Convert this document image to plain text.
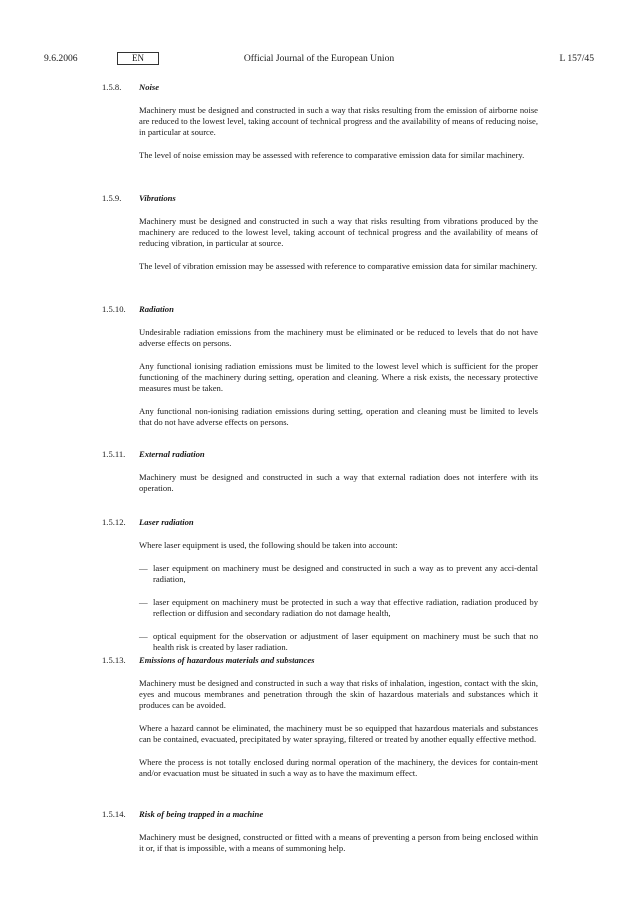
9.6.2006	EN	Official Journal of the European Union	L 157/45
1.5.8.	Noise

Machinery must be designed and constructed in such a way that risks resulting from the emission of airborne noise are reduced to the lowest level, taking account of technical progress and the availability of means of reducing noise, in particular at source.

The level of noise emission may be assessed with reference to comparative emission data for similar machinery.

1.5.9.	Vibrations

Machinery must be designed and constructed in such a way that risks resulting from vibrations produced by the machinery are reduced to the lowest level, taking account of technical progress and the availability of means of reducing vibration, in particular at source.

The level of vibration emission may be assessed with reference to comparative emission data for similar machinery.

1.5.10.	Radiation

Undesirable radiation emissions from the machinery must be eliminated or be reduced to levels that do not have adverse effects on persons.

Any functional ionising radiation emissions must be limited to the lowest level which is sufficient for the proper functioning of the machinery during setting, operation and cleaning. Where a risk exists, the necessary protective measures must be taken.

Any functional non-ionising radiation emissions during setting, operation and cleaning must be limited to levels that do not have adverse effects on persons.

1.5.11.	External radiation

Machinery must be designed and constructed in such a way that external radiation does not interfere with its operation.

1.5.12.	Laser radiation

Where laser equipment is used, the following should be taken into account:

— laser equipment on machinery must be designed and constructed in such a way as to prevent any acci-dental radiation,

— laser equipment on machinery must be protected in such a way that effective radiation, radiation produced by reflection or diffusion and secondary radiation do not damage health,

— optical equipment for the observation or adjustment of laser equipment on machinery must be such that no health risk is created by laser radiation.

1.5.13.	Emissions of hazardous materials and substances

Machinery must be designed and constructed in such a way that risks of inhalation, ingestion, contact with the skin, eyes and mucous membranes and penetration through the skin of hazardous materials and substances which it produces can be avoided.

Where a hazard cannot be eliminated, the machinery must be so equipped that hazardous materials and substances can be contained, evacuated, precipitated by water spraying, filtered or treated by another equally effective method.

Where the process is not totally enclosed during normal operation of the machinery, the devices for contain-ment and/or evacuation must be situated in such a way as to have the maximum effect.

1.5.14.	Risk of being trapped in a machine

Machinery must be designed, constructed or fitted with a means of preventing a person from being enclosed within it or, if that is impossible, with a means of summoning help.
